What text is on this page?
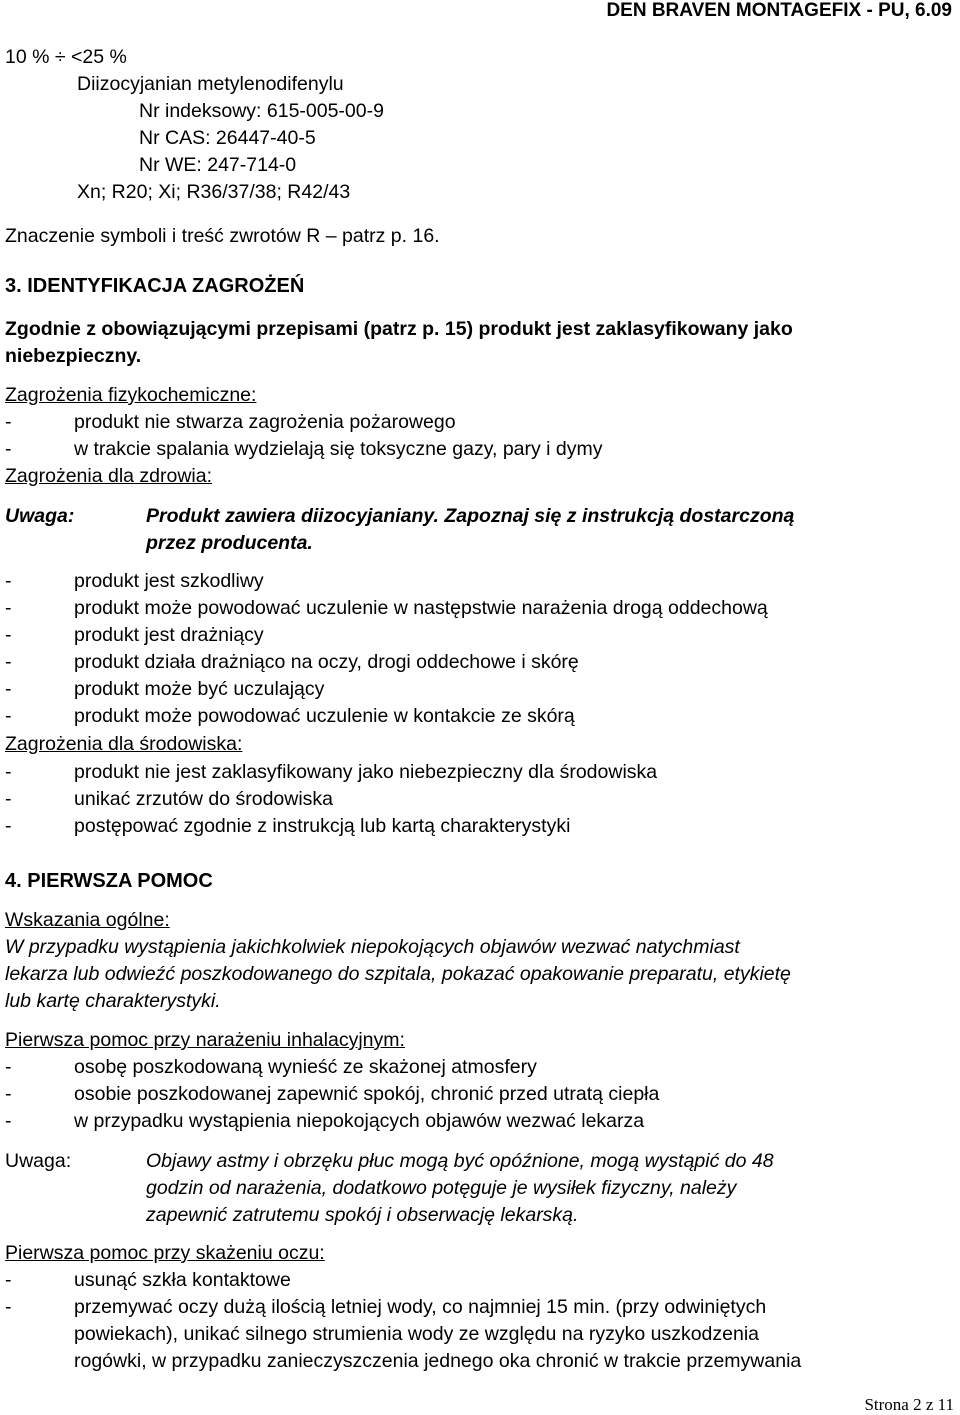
DEN BRAVEN MONTAGEFIX - PU, 6.09
10 % ÷ <25 %
Diizocyjanian metylenodifenylu
Nr indeksowy: 615-005-00-9
Nr CAS: 26447-40-5
Nr WE: 247-714-0
Xn; R20; Xi; R36/37/38; R42/43
Znaczenie symboli i treść zwrotów R – patrz p. 16.
3. IDENTYFIKACJA ZAGROŻEŃ
Zgodnie z obowiązującymi przepisami (patrz p. 15) produkt jest zaklasyfikowany jako
niebezpieczny.
Zagrożenia fizykochemiczne:
-	produkt nie stwarza zagrożenia pożarowego
-	w trakcie spalania wydzielają się toksyczne gazy, pary i dymy
Zagrożenia dla zdrowia:
Uwaga:	Produkt zawiera diizocyjaniany. Zapoznaj się z instrukcją dostarczoną
przez producenta.
-	produkt jest szkodliwy
-	produkt może powodować uczulenie w następstwie narażenia drogą oddechową
-	produkt jest drażniący
-	produkt działa drażniąco na oczy, drogi oddechowe i skórę
-	produkt może być uczulający
-	produkt może powodować uczulenie w kontakcie ze skórą
Zagrożenia dla środowiska:
-	produkt nie jest zaklasyfikowany jako niebezpieczny dla środowiska
-	unikać zrzutów do środowiska
-	postępować zgodnie z instrukcją lub kartą charakterystyki
4. PIERWSZA POMOC
Wskazania ogólne:
W przypadku wystąpienia jakichkolwiek niepokojących objawów wezwać natychmiast
lekarza lub odwieźć poszkodowanego do szpitala, pokazać opakowanie preparatu, etykietę
lub kartę charakterystyki.
Pierwsza pomoc przy narażeniu inhalacyjnym:
-	osobę poszkodowaną wynieść ze skażonej atmosfery
-	osobie poszkodowanej zapewnić spokój, chronić przed utratą ciepła
-	w przypadku wystąpienia niepokojących objawów wezwać lekarza
Uwaga:	Objawy astmy i obrzęku płuc mogą być opóźnione, mogą wystąpić do 48
godzin od narażenia, dodatkowo potęguje je wysiłek fizyczny, należy
zapewnić zatrutemu spokój i obserwację lekarską.
Pierwsza pomoc przy skażeniu oczu:
-	usunąć szkła kontaktowe
-	przemywać oczy dużą ilością letniej wody, co najmniej 15 min. (przy odwiniętych
powiekach), unikać silnego strumienia wody ze względu na ryzyko uszkodzenia
rogówki, w przypadku zanieczyszczenia jednego oka chronić w trakcie przemywania
Strona 2 z 11
